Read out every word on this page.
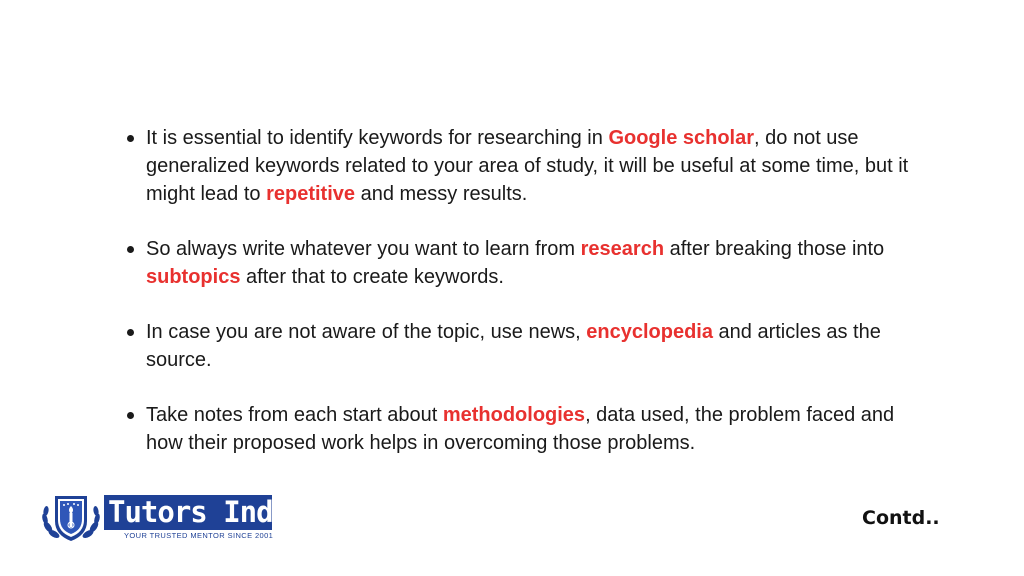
It is essential to identify keywords for researching in Google scholar, do not use generalized keywords related to your area of study, it will be useful at some time, but it might lead to repetitive and messy results.
So always write whatever you want to learn from research after breaking those into subtopics after that to create keywords.
In case you are not aware of the topic, use news, encyclopedia and articles as the source.
Take notes from each start about methodologies, data used, the problem faced and how their proposed work helps in overcoming those problems.
Tutors India
YOUR TRUSTED MENTOR SINCE 2001
Contd..
